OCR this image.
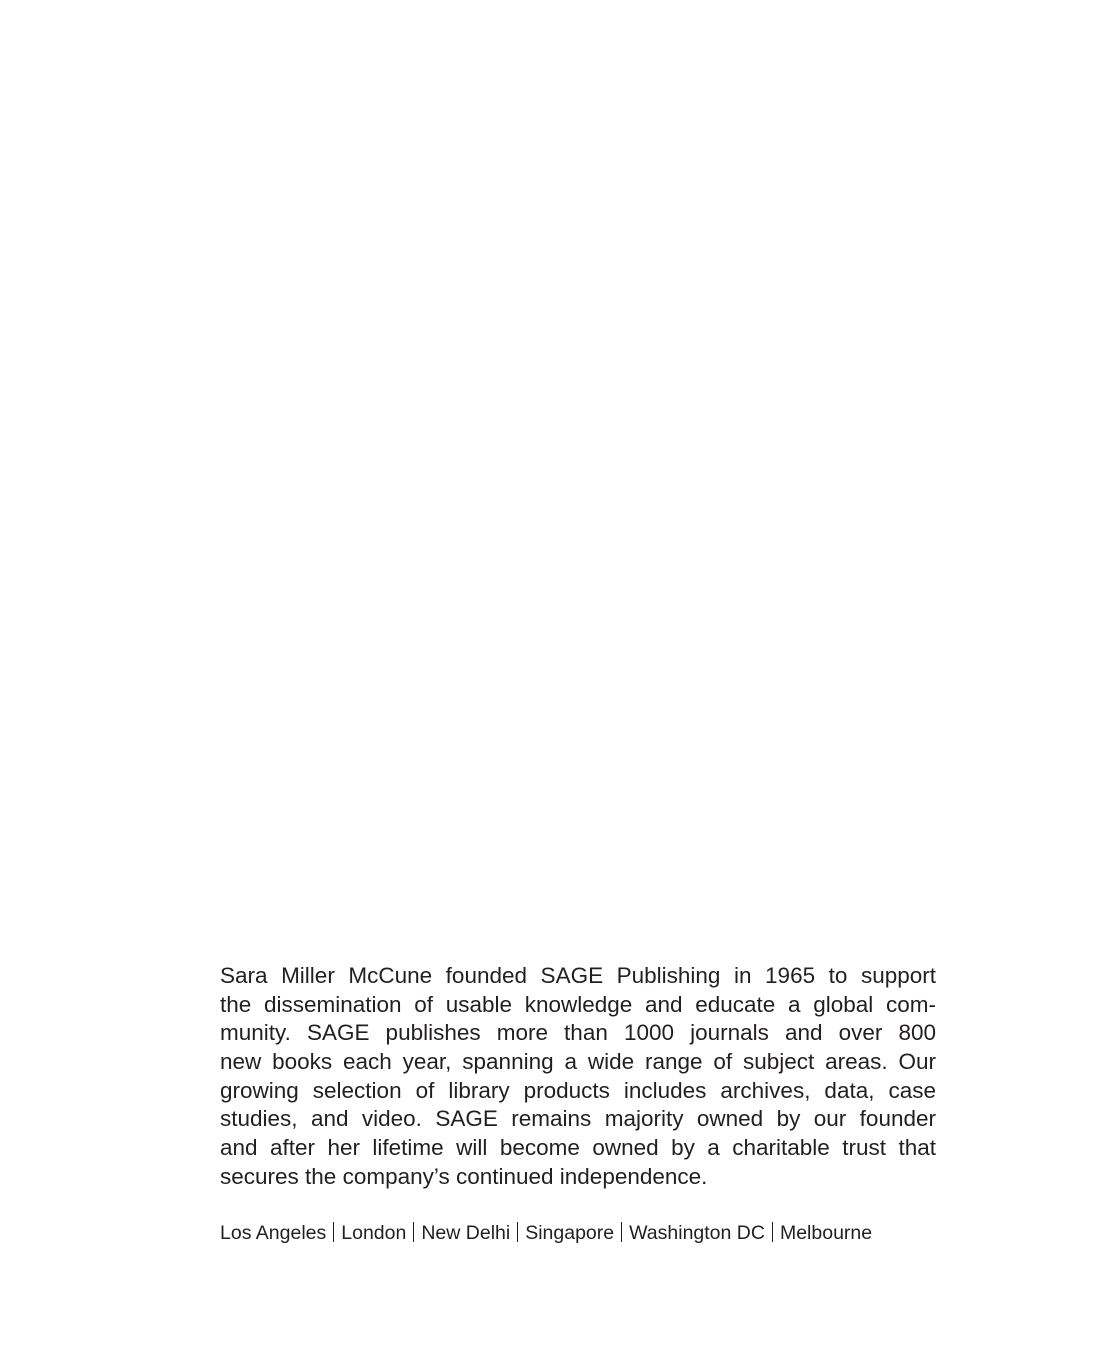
Sara Miller McCune founded SAGE Publishing in 1965 to support
the dissemination of usable knowledge and educate a global com-
munity. SAGE publishes more than 1000 journals and over 800
new books each year, spanning a wide range of subject areas. Our
growing selection of library products includes archives, data, case
studies, and video. SAGE remains majority owned by our founder
and after her lifetime will become owned by a charitable trust that
secures the company’s continued independence.
Los Angeles London New Delhi Singapore Washington DC Melbourne
